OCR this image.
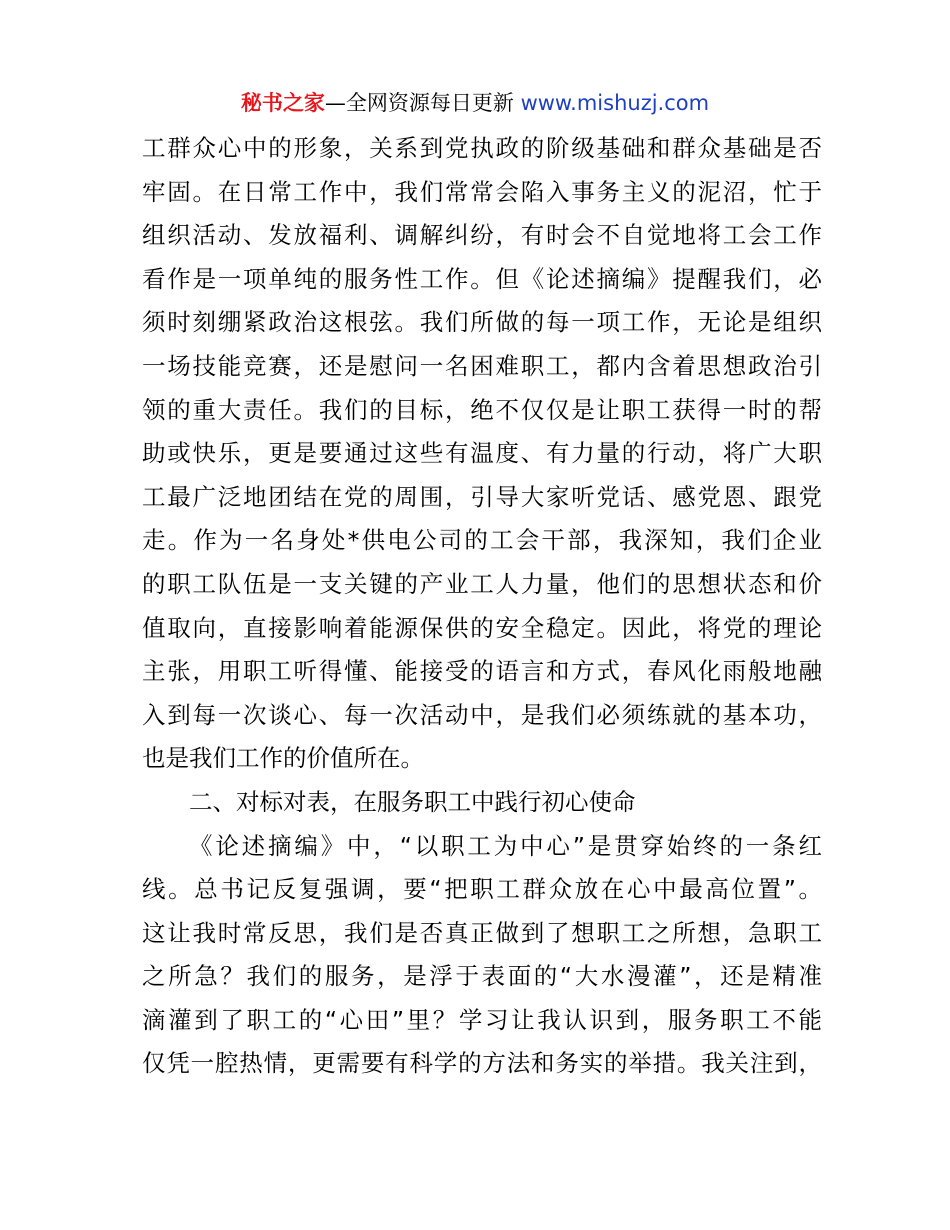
秘书之家—全网资源每日更新 www.mishuzj.com
工群众心中的形象，关系到党执政的阶级基础和群众基础是否
牢固。在日常工作中，我们常常会陷入事务主义的泥沼，忙于
组织活动、发放福利、调解纠纷，有时会不自觉地将工会工作
看作是一项单纯的服务性工作。但《论述摘编》提醒我们，必
须时刻绷紧政治这根弦。我们所做的每一项工作，无论是组织
一场技能竞赛，还是慰问一名困难职工，都内含着思想政治引
领的重大责任。我们的目标，绝不仅仅是让职工获得一时的帮
助或快乐，更是要通过这些有温度、有力量的行动，将广大职
工最广泛地团结在党的周围，引导大家听党话、感党恩、跟党
走。作为一名身处*供电公司的工会干部，我深知，我们企业
的职工队伍是一支关键的产业工人力量，他们的思想状态和价
值取向，直接影响着能源保供的安全稳定。因此，将党的理论
主张，用职工听得懂、能接受的语言和方式，春风化雨般地融
入到每一次谈心、每一次活动中，是我们必须练就的基本功，
也是我们工作的价值所在。
二、对标对表，在服务职工中践行初心使命
《论述摘编》中，“以职工为中心”是贯穿始终的一条红
线。总书记反复强调，要“把职工群众放在心中最高位置”。
这让我时常反思，我们是否真正做到了想职工之所想，急职工
之所急？我们的服务，是浮于表面的“大水漫灌”，还是精准
滴灌到了职工的“心田”里？学习让我认识到，服务职工不能
仅凭一腔热情，更需要有科学的方法和务实的举措。我关注到，
